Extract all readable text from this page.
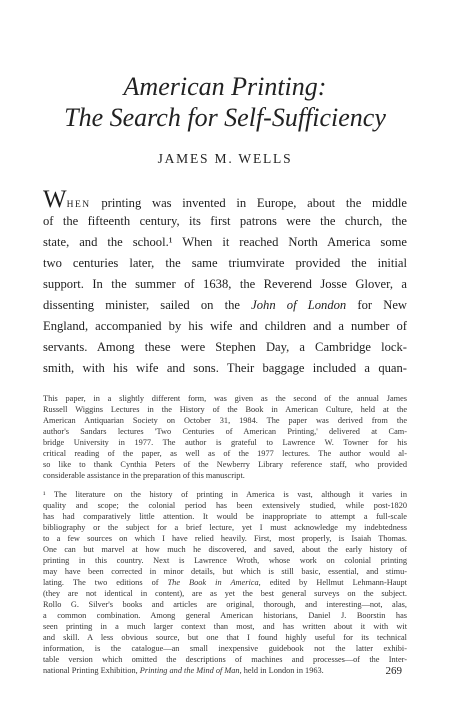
American Printing:
The Search for Self-Sufficiency
JAMES M. WELLS
WHEN printing was invented in Europe, about the middle
of the fifteenth century, its first patrons were the church, the
state, and the school.¹ When it reached North America some
two centuries later, the same triumvirate provided the initial
support. In the summer of 1638, the Reverend Josse Glover, a
dissenting minister, sailed on the John of London for New
England, accompanied by his wife and children and a number of
servants. Among these were Stephen Day, a Cambridge lock-
smith, with his wife and sons. Their baggage included a quan-
This paper, in a slightly different form, was given as the second of the annual James
Russell Wiggins Lectures in the History of the Book in American Culture, held at the
American Antiquarian Society on October 31, 1984. The paper was derived from the
author's Sandars lectures 'Two Centuries of American Printing,' delivered at Cam-
bridge University in 1977. The author is grateful to Lawrence W. Towner for his
critical reading of the paper, as well as of the 1977 lectures. The author would al-
so like to thank Cynthia Peters of the Newberry Library reference staff, who provided
considerable assistance in the preparation of this manuscript.
¹ The literature on the history of printing in America is vast, although it varies in
quality and scope; the colonial period has been extensively studied, while post-1820
has had comparatively little attention. It would be inappropriate to attempt a full-scale
bibliography or the subject for a brief lecture, yet I must acknowledge my indebtedness
to a few sources on which I have relied heavily. First, most properly, is Isaiah Thomas.
One can but marvel at how much he discovered, and saved, about the early history of
printing in this country. Next is Lawrence Wroth, whose work on colonial printing
may have been corrected in minor details, but which is still basic, essential, and stimu-
lating. The two editions of The Book in America, edited by Hellmut Lehmann-Haupt
(they are not identical in content), are as yet the best general surveys on the subject.
Rollo G. Silver's books and articles are original, thorough, and interesting—not, alas,
a common combination. Among general American historians, Daniel J. Boorstin has
seen printing in a much larger context than most, and has written about it with wit
and skill. A less obvious source, but one that I found highly useful for its technical
information, is the catalogue—an small inexpensive guidebook not the latter exhibi-
table version which omitted the descriptions of machines and processes—of the Inter-
national Printing Exhibition, Printing and the Mind of Man, held in London in 1963.	269
